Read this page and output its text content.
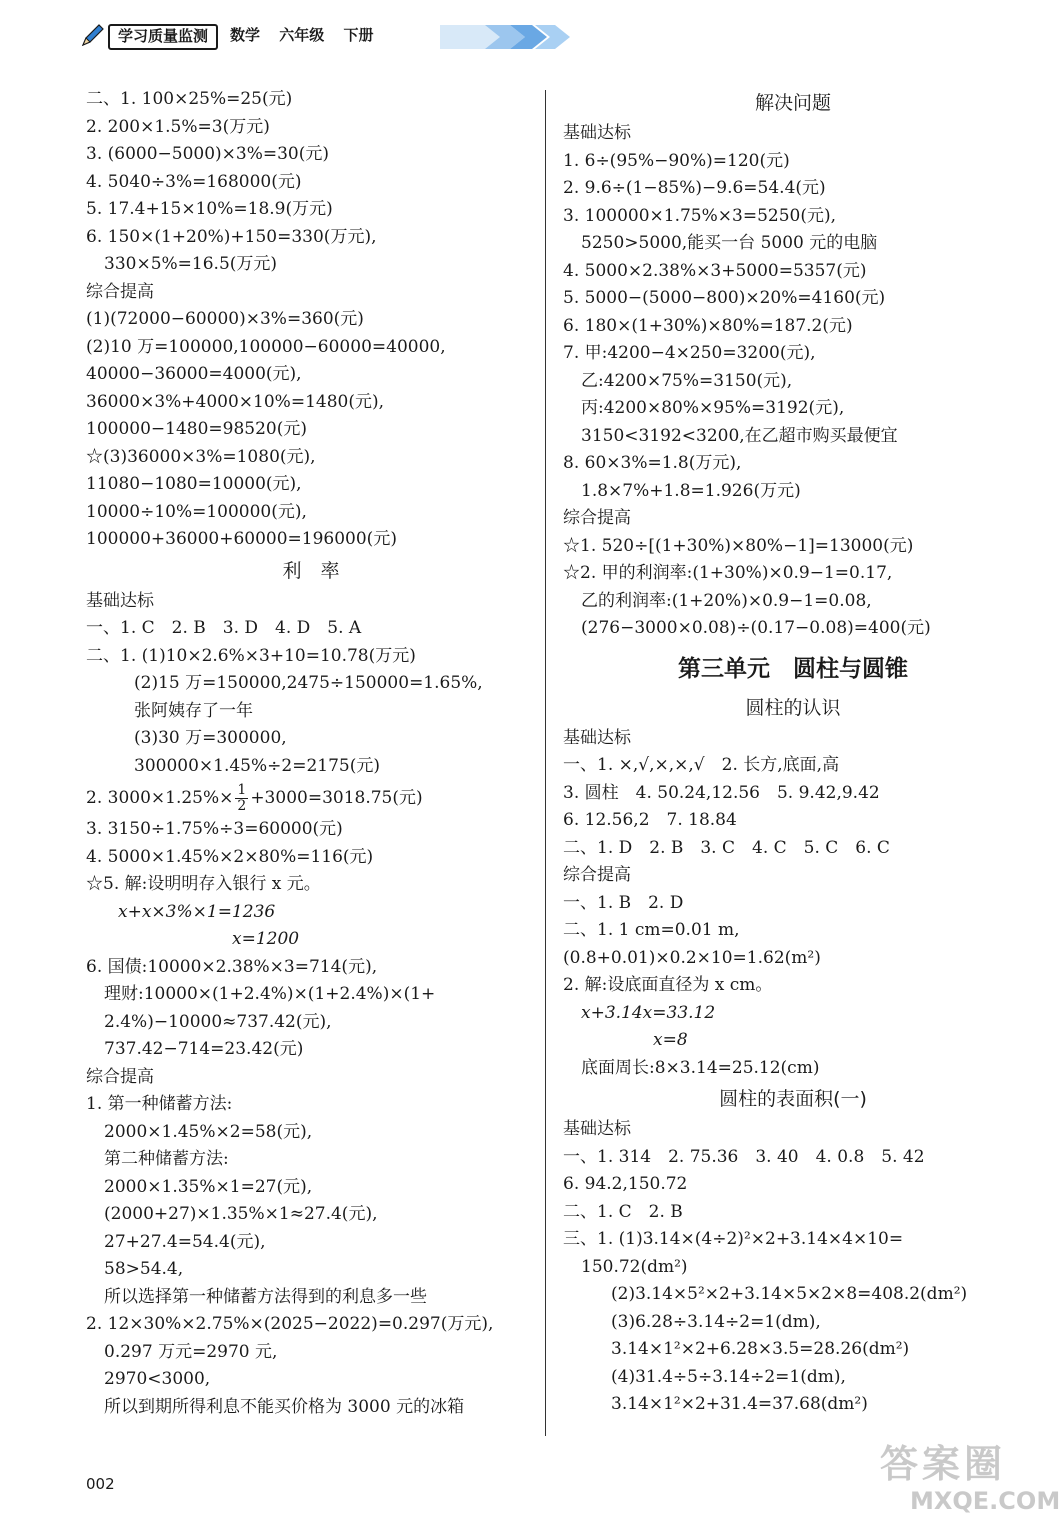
学习质量监测	数学 六年级 下册
二、1. 100×25%=25(元)
2. 200×1.5%=3(万元)
3. (6000−5000)×3%=30(元)
4. 5040÷3%=168000(元)
5. 17.4+15×10%=18.9(万元)
6. 150×(1+20%)+150=330(万元),
330×5%=16.5(万元)
综合提高
(1)(72000−60000)×3%=360(元)
(2)10 万=100000,100000−60000=40000,
40000−36000=4000(元),
36000×3%+4000×10%=1480(元),
100000−1480=98520(元)
☆(3)36000×3%=1080(元),
11080−1080=10000(元),
10000÷10%=100000(元),
100000+36000+60000=196000(元)
利　率
基础达标
一、1. C　2. B　3. D　4. D　5. A
二、1. (1)10×2.6%×3+10=10.78(万元)
(2)15 万=150000,2475÷150000=1.65%,
张阿姨存了一年
(3)30 万=300000,
300000×1.45%÷2=2175(元)
2. $3000\times 1.25\%\times \frac{1}{2} +3000=3018.75$(元)
3. 3150÷1.75%÷3=60000(元)
4. 5000×1.45%×2×80%=116(元)
☆5. 解:设明明存入银行 x 元。
x+x×3%×1=1236
x=1200
6. 国债:10000×2.38%×3=714(元),
理财:10000×(1+2.4%)×(1+2.4%)×(1+
2.4%)−10000≈737.42(元),
737.42−714=23.42(元)
综合提高
1. 第一种储蓄方法:
2000×1.45%×2=58(元),
第二种储蓄方法:
2000×1.35%×1=27(元),
(2000+27)×1.35%×1≈27.4(元),
27+27.4=54.4(元),
58>54.4,
所以选择第一种储蓄方法得到的利息多一些
2. 12×30%×2.75%×(2025−2022)=0.297(万元),
0.297 万元=2970 元,
2970<3000,
所以到期所得利息不能买价格为 3000 元的冰箱
解决问题
基础达标
1. 6÷(95%−90%)=120(元)
2. 9.6÷(1−85%)−9.6=54.4(元)
3. 100000×1.75%×3=5250(元),
5250>5000,能买一台 5000 元的电脑
4. 5000×2.38%×3+5000=5357(元)
5. 5000−(5000−800)×20%=4160(元)
6. 180×(1+30%)×80%=187.2(元)
7. 甲:4200−4×250=3200(元),
乙:4200×75%=3150(元),
丙:4200×80%×95%=3192(元),
3150<3192<3200,在乙超市购买最便宜
8. 60×3%=1.8(万元),
1.8×7%+1.8=1.926(万元)
综合提高
☆1. 520÷[(1+30%)×80%−1]=13000(元)
☆2. 甲的利润率:(1+30%)×0.9−1=0.17,
乙的利润率:(1+20%)×0.9−1=0.08,
(276−3000×0.08)÷(0.17−0.08)=400(元)
第三单元　圆柱与圆锥
圆柱的认识
基础达标
一、1. ×,√,×,×,√　2. 长方,底面,高
3. 圆柱　4. 50.24,12.56　5. 9.42,9.42
6. 12.56,2　7. 18.84
二、1. D　2. B　3. C　4. C　5. C　6. C
综合提高
一、1. B　2. D
二、1. 1 cm=0.01 m,
(0.8+0.01)×0.2×10=1.62(m²)
2. 解:设底面直径为 x cm。
x+3.14x=33.12
x=8
底面周长:8×3.14=25.12(cm)
圆柱的表面积(一)
基础达标
一、1. 314　2. 75.36　3. 40　4. 0.8　5. 42
6. 94.2,150.72
二、1. C　2. B
三、1. (1)3.14×(4÷2)²×2+3.14×4×10=
150.72(dm²)
(2)3.14×5²×2+3.14×5×2×8=408.2(dm²)
(3)6.28÷3.14÷2=1(dm),
3.14×1²×2+6.28×3.5=28.26(dm²)
(4)31.4÷5÷3.14÷2=1(dm),
3.14×1²×2+31.4=37.68(dm²)
002	答案圈
MXQE.COM
